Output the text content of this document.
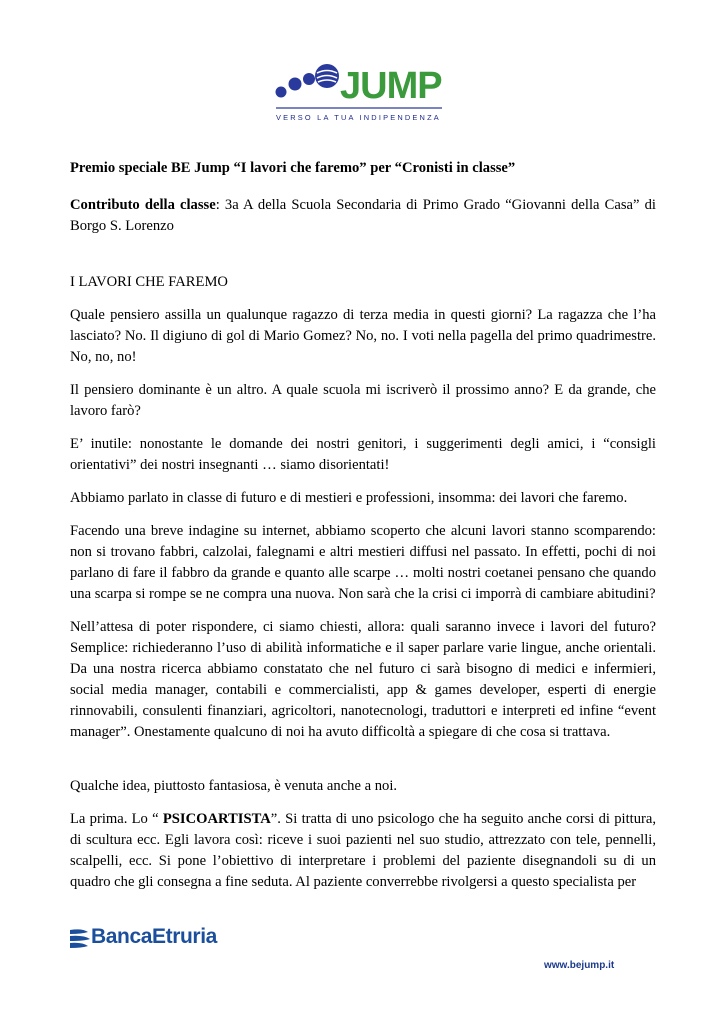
JUMP
VERSO LA TUA INDIPENDENZA

Premio speciale BE Jump “I lavori che faremo” per “Cronisti in classe”

Contributo della classe: 3a A della Scuola Secondaria di Primo Grado “Giovanni della Casa” di Borgo S. Lorenzo

I LAVORI CHE FAREMO

Quale pensiero assilla un qualunque ragazzo di terza media in questi giorni? La ragazza che l’ha lasciato? No. Il digiuno di gol di Mario Gomez? No, no. I voti nella pagella del primo quadrimestre. No, no, no!

Il pensiero dominante è un altro. A quale scuola mi iscriverò il prossimo anno? E da grande, che lavoro farò?

E’ inutile: nonostante le domande dei nostri genitori, i suggerimenti degli amici, i “consigli orientativi” dei nostri insegnanti … siamo disorientati!

Abbiamo parlato in classe di futuro e di mestieri e professioni, insomma: dei lavori che faremo.

Facendo una breve indagine su internet, abbiamo scoperto che alcuni lavori stanno scomparendo: non si trovano fabbri, calzolai, falegnami e altri mestieri diffusi nel passato. In effetti, pochi di noi parlano di fare il fabbro da grande e quanto alle scarpe … molti nostri coetanei pensano che quando una scarpa si rompe se ne compra una nuova. Non sarà che la crisi ci imporrà di cambiare abitudini?

Nell’attesa di poter rispondere, ci siamo chiesti, allora: quali saranno invece i lavori del futuro? Semplice: richiederanno l’uso di abilità informatiche e il saper parlare varie lingue, anche orientali. Da una nostra ricerca abbiamo constatato che nel futuro ci sarà bisogno di medici e infermieri, social media manager, contabili e commercialisti, app & games developer, esperti di energie rinnovabili, consulenti finanziari, agricoltori, nanotecnologi, traduttori e interpreti ed infine “event manager”. Onestamente qualcuno di noi ha avuto difficoltà a spiegare di che cosa si trattava.

Qualche idea, piuttosto fantasiosa, è venuta anche a noi.

La prima. Lo “ PSICOARTISTA”. Si tratta di uno psicologo che ha seguito anche corsi di pittura, di scultura ecc. Egli lavora così: riceve i suoi pazienti nel suo studio, attrezzato con tele, pennelli, scalpelli, ecc. Si pone l’obiettivo di interpretare i problemi del paziente disegnandoli su di un quadro che gli consegna a fine seduta. Al paziente converrebbe rivolgersi a questo specialista per

BancaEtruria
www.bejump.it
